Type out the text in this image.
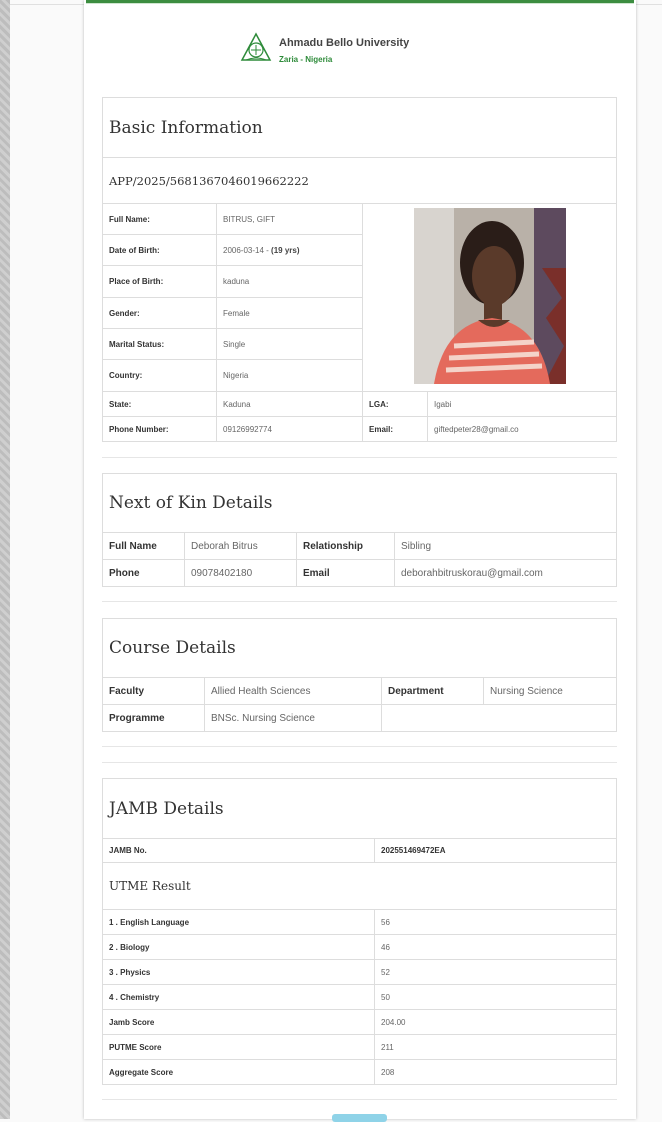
Ahmadu Bello University
Zaria - Nigeria
Basic Information			
APP/2025/5681367046019662222			
Full Name:	BITRUS, GIFT	
Date of Birth:	2006-03-14 - (19 yrs)		
Place of Birth:	kaduna		
Gender:	Female		
Marital Status:	Single		
Country:	Nigeria		
State:	Kaduna	LGA:	Igabi
Phone Number:	09126992774	Email:	giftedpeter28@gmail.co
Next of Kin Details			
Full Name	Deborah Bitrus	Relationship	Sibling
Phone	09078402180	Email	deborahbitruskorau@gmail.com
Course Details			
Faculty	Allied Health Sciences	Department	Nursing Science
Programme	BNSc. Nursing Science		
JAMB Details	
JAMB No.	202551469472EA
UTME Result	
1 . English Language	56
2 . Biology	46
3 . Physics	52
4 . Chemistry	50
Jamb Score	204.00
PUTME Score	211
Aggregate Score	208
